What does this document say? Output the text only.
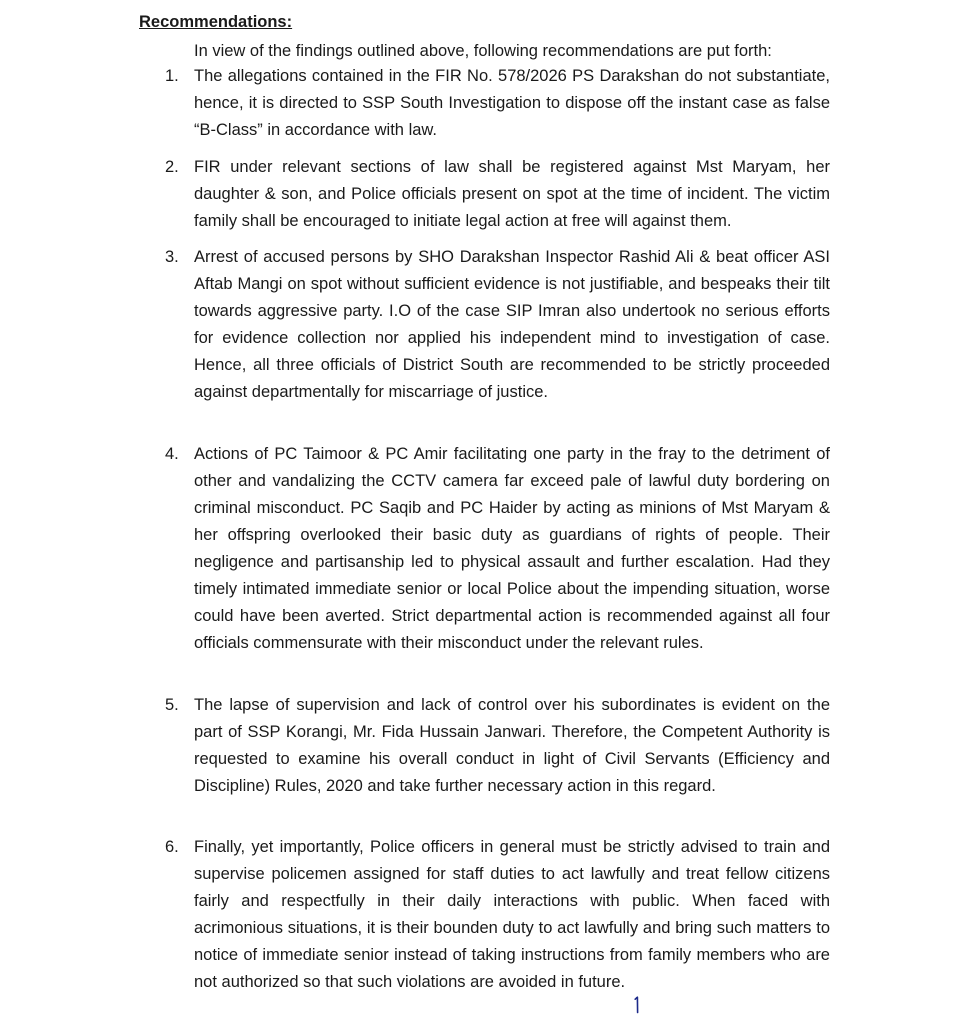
Recommendations:

In view of the findings outlined above, following recommendations are put forth:

1. The allegations contained in the FIR No. 578/2026 PS Darakshan do not substantiate, hence, it is directed to SSP South Investigation to dispose off the instant case as false “B-Class” in accordance with law.
2. FIR under relevant sections of law shall be registered against Mst Maryam, her daughter & son, and Police officials present on spot at the time of incident. The victim family shall be encouraged to initiate legal action at free will against them.
3. Arrest of accused persons by SHO Darakshan Inspector Rashid Ali & beat officer ASI Aftab Mangi on spot without sufficient evidence is not justifiable, and bespeaks their tilt towards aggressive party. I.O of the case SIP Imran also undertook no serious efforts for evidence collection nor applied his independent mind to investigation of case. Hence, all three officials of District South are recommended to be strictly proceeded against departmentally for miscarriage of justice.
4. Actions of PC Taimoor & PC Amir facilitating one party in the fray to the detriment of other and vandalizing the CCTV camera far exceed pale of lawful duty bordering on criminal misconduct. PC Saqib and PC Haider by acting as minions of Mst Maryam & her offspring overlooked their basic duty as guardians of rights of people. Their negligence and partisanship led to physical assault and further escalation. Had they timely intimated immediate senior or local Police about the impending situation, worse could have been averted. Strict departmental action is recommended against all four officials commensurate with their misconduct under the relevant rules.
5. The lapse of supervision and lack of control over his subordinates is evident on the part of SSP Korangi, Mr. Fida Hussain Janwari. Therefore, the Competent Authority is requested to examine his overall conduct in light of Civil Servants (Efficiency and Discipline) Rules, 2020 and take further necessary action in this regard.
6. Finally, yet importantly, Police officers in general must be strictly advised to train and supervise policemen assigned for staff duties to act lawfully and treat fellow citizens fairly and respectfully in their daily interactions with public. When faced with acrimonious situations, it is their bounden duty to act lawfully and bring such matters to notice of immediate senior instead of taking instructions from family members who are not authorized so that such violations are avoided in future.
